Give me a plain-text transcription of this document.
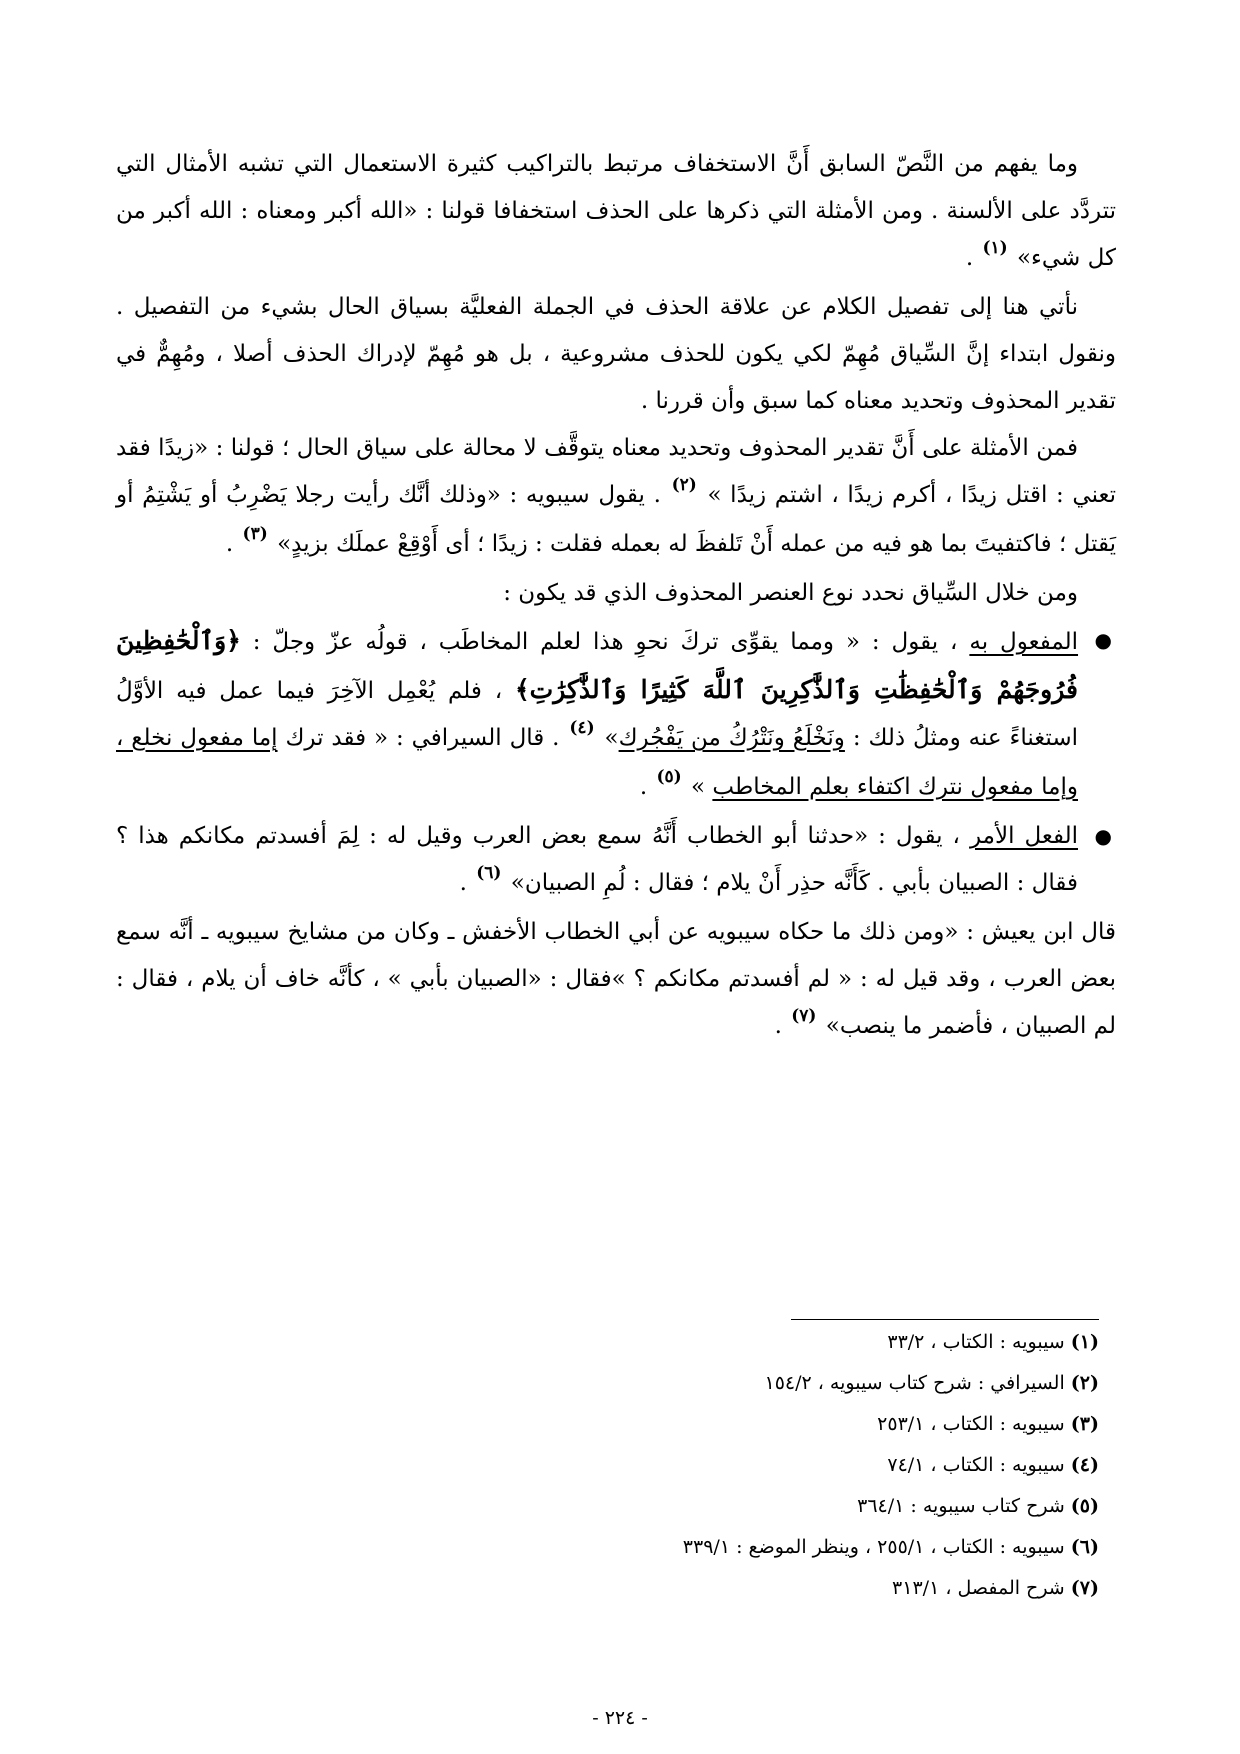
وما يفهم من النَّصّ السابق أَنَّ الاستخفاف مرتبط بالتراكيب كثيرة الاستعمال التي تشبه الأمثال التي تتردَّد على الألسنة . ومن الأمثلة التي ذكرها على الحذف استخفافا قولنا : «الله أكبر ومعناه : الله أكبر من كل شيء» $^{(١)}$ .

نأتي هنا إلى تفصيل الكلام عن علاقة الحذف في الجملة الفعليَّة بسياق الحال بشيء من التفصيل . ونقول ابتداء إنَّ السِّياق مُهِمّ لكي يكون للحذف مشروعية ، بل هو مُهِمّ لإدراك الحذف أصلا ، ومُهِمٌّ في تقدير المحذوف وتحديد معناه كما سبق وأن قررنا .

فمن الأمثلة على أَنَّ تقدير المحذوف وتحديد معناه يتوقَّف لا محالة على سياق الحال ؛ قولنا : «زيدًا فقد تعني : اقتل زيدًا ، أكرم زيدًا ، اشتم زيدًا » $^{(٢)}$ . يقول سيبويه : «وذلك أنَّك رأيت رجلا يَضْرِبُ أو يَشْتِمُ أو يَقتل ؛ فاكتفيتَ بما هو فيه من عمله أَنْ تَلفظَ له بعمله فقلت : زيدًا ؛ أى أَوْقِعْ عملَك بزيدٍ» $^{(٣)}$ .

ومن خلال السِّياق نحدد نوع العنصر المحذوف الذي قد يكون :

●
المفعول به ، يقول : « ومما يقوِّى تركَ نحوِ هذا لعلم المخاطَب ، قولُه عزّ وجلّ : ﴿وَٱلْحَٰفِظِينَ فُرُوجَهُمْ وَٱلْحَٰفِظَٰتِ وَٱلذَّٰكِرِينَ ٱللَّهَ كَثِيرًا وَٱلذَّٰكِرَٰتِ﴾ ، فلم يُعْمِل الآخِرَ فيما عمل فيه الأوَّلُ استغناءً عنه ومثلُ ذلك : ونَخْلَعُ ونَتْرُكُ من يَفْجُرك» $^{(٤)}$ . قال السيرافي : « فقد ترك إما مفعول نخلع ، وإما مفعول نترك اكتفاء بعلم المخاطب » $^{(٥)}$ .
●
الفعل الأمر ، يقول : «حدثنا أبو الخطاب أَنَّهُ سمع بعض العرب وقيل له : لِمَ أفسدتم مكانكم هذا ؟ فقال : الصبيان بأبي . كَأَنَّه حذِر أَنْ يلام ؛ فقال : لُمِ الصبيان» $^{(٦)}$ .

قال ابن يعيش : «ومن ذلك ما حكاه سيبويه عن أبي الخطاب الأخفش ـ وكان من مشايخ سيبويه ـ أنَّه سمع بعض العرب ، وقد قيل له : « لم أفسدتم مكانكم ؟ »فقال : «الصبيان بأبي » ، كأنَّه خاف أن يلام ، فقال : لم الصبيان ، فأضمر ما ينصب» $^{(٧)}$ .

(١) سيبويه : الكتاب ، ٣٣/٢
(٢) السيرافي : شرح كتاب سيبويه ، ١٥٤/٢
(٣) سيبويه : الكتاب ، ٢٥٣/١
(٤) سيبويه : الكتاب ، ٧٤/١
(٥) شرح كتاب سيبويه : ٣٦٤/١
(٦) سيبويه : الكتاب ، ٢٥٥/١ ، وينظر الموضع : ٣٣٩/١
(٧) شرح المفصل ، ٣١٣/١
- ٢٢٤ -
